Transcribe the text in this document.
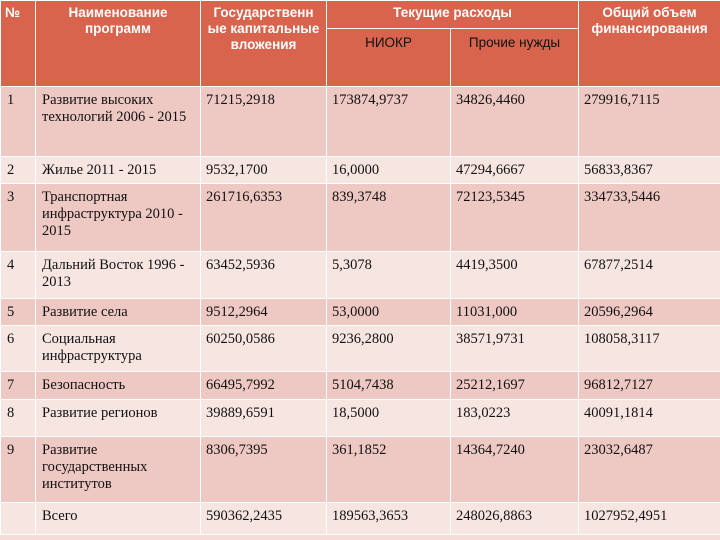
№	Наименование программ	Государственн ые капитальные вложения	Текущие расходы		Общий объем финансирования

			НИОКР	Прочие нужды	

1	Развитие высоких технологий 2006 - 2015	71215,2918	173874,9737	34826,4460	279916,7115
2	Жилье 2011 - 2015	9532,1700	16,0000	47294,6667	56833,8367
3	Транспортная инфраструктура 2010 - 2015	261716,6353	839,3748	72123,5345	334733,5446
4	Дальний Восток 1996 - 2013	63452,5936	5,3078	4419,3500	67877,2514
5	Развитие села	9512,2964	53,0000	11031,000	20596,2964
6	Социальная инфраструктура	60250,0586	9236,2800	38571,9731	108058,3117
7	Безопасность	66495,7992	5104,7438	25212,1697	96812,7127
8	Развитие регионов	39889,6591	18,5000	183,0223	40091,1814
9	Развитие государственных институтов	8306,7395	361,1852	14364,7240	23032,6487
	Всего	590362,2435	189563,3653	248026,8863	1027952,4951
